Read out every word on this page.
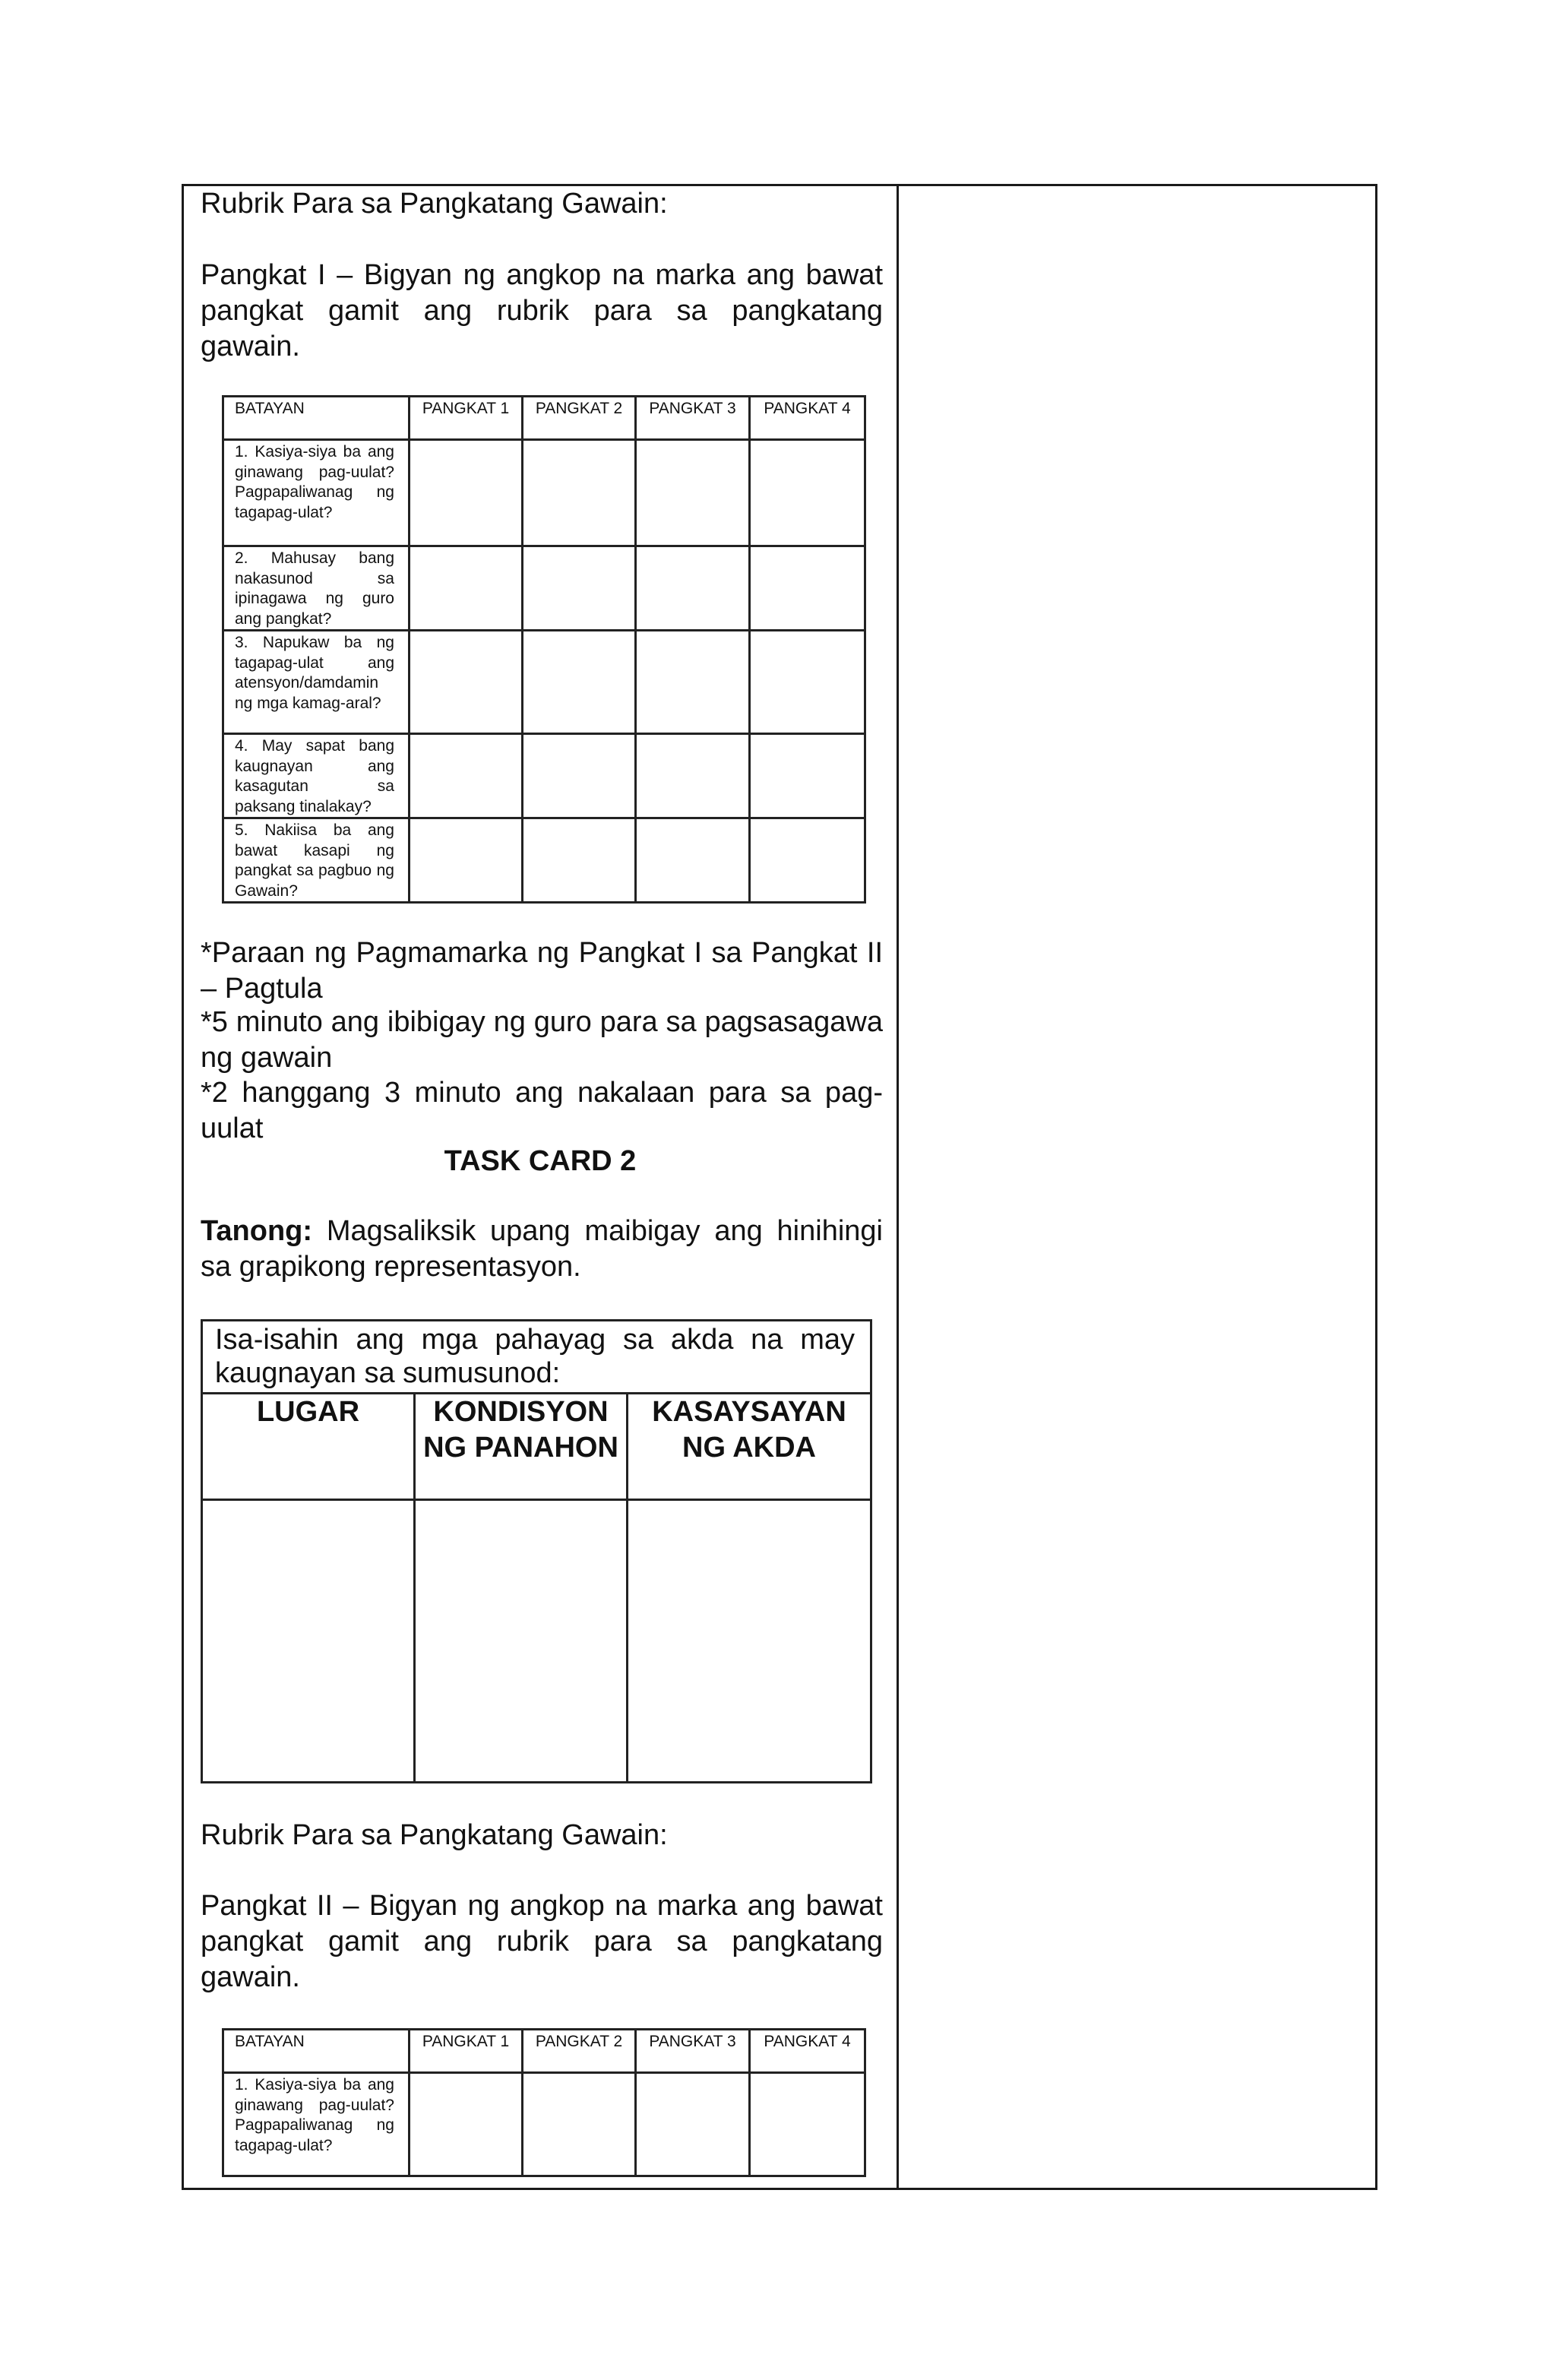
Rubrik Para sa Pangkatang Gawain:
Pangkat I – Bigyan ng angkop na marka ang bawat pangkat gamit ang rubrik para sa pangkatang gawain.
BATAYAN	PANGKAT 1	PANGKAT 2	PANGKAT 3	PANGKAT 4
1. Kasiya-siya ba ang ginawang pag-uulat? Pagpapaliwanag ng tagapag-ulat?				
2. Mahusay bang nakasunod sa ipinagawa ng guro ang pangkat?				
3. Napukaw ba ng tagapag-ulat ang atensyon/damdamin ng mga kamag-aral?				
4. May sapat bang kaugnayan ang kasagutan sa paksang tinalakay?				
5. Nakiisa ba ang bawat kasapi ng pangkat sa pagbuo ng Gawain?				
*Paraan ng Pagmamarka ng Pangkat I sa Pangkat II – Pagtula
*5 minuto ang ibibigay ng guro para sa pagsasagawa ng gawain
*2 hanggang 3 minuto ang nakalaan para sa pag-uulat
TASK CARD 2
Tanong: Magsaliksik upang maibigay ang hinihingi sa grapikong representasyon.
Isa-isahin ang mga pahayag sa akda na may kaugnayan sa sumusunod:		
LUGAR	KONDISYON NG PANAHON	KASAYSAYAN NG AKDA

Rubrik Para sa Pangkatang Gawain:
Pangkat II – Bigyan ng angkop na marka ang bawat pangkat gamit ang rubrik para sa pangkatang gawain.
BATAYAN	PANGKAT 1	PANGKAT 2	PANGKAT 3	PANGKAT 4
1. Kasiya-siya ba ang ginawang pag-uulat? Pagpapaliwanag ng tagapag-ulat?				
